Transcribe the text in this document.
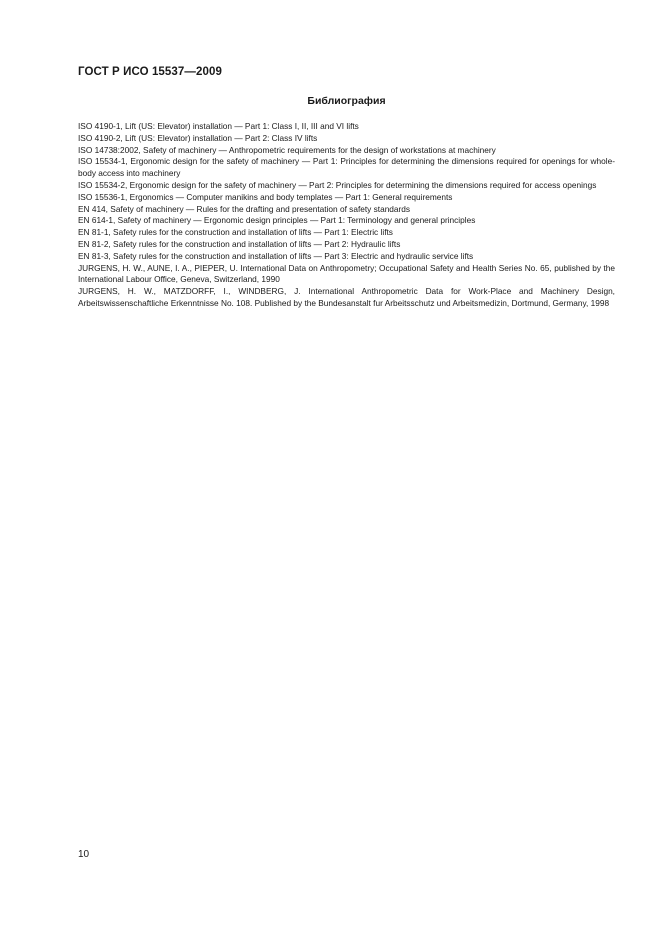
ГОСТ Р ИСО 15537—2009
Библиография
ISO 4190-1, Lift (US: Elevator) installation — Part 1: Class I, II, III and VI lifts
ISO 4190-2, Lift (US: Elevator) installation — Part 2: Class IV lifts
ISO 14738:2002, Safety of machinery — Anthropometric requirements for the design of workstations at machinery
ISO 15534-1, Ergonomic design for the safety of machinery — Part 1: Principles for determining the dimensions required for openings for whole-body access into machinery
ISO 15534-2, Ergonomic design for the safety of machinery — Part 2: Principles for determining the dimensions required for access openings
ISO 15536-1, Ergonomics — Computer manikins and body templates — Part 1: General requirements
EN 414, Safety of machinery — Rules for the drafting and presentation of safety standards
EN 614-1, Safety of machinery — Ergonomic design principles — Part 1: Terminology and general principles
EN 81-1, Safety rules for the construction and installation of lifts — Part 1: Electric lifts
EN 81-2, Safety rules for the construction and installation of lifts — Part 2: Hydraulic lifts
EN 81-3, Safety rules for the construction and installation of lifts — Part 3: Electric and hydraulic service lifts
JURGENS, H. W., AUNE, I. A., PIEPER, U. International Data on Anthropometry; Occupational Safety and Health Series No. 65, published by the International Labour Office, Geneva, Switzerland, 1990
JURGENS, H. W., MATZDORFF, I., WINDBERG, J. International Anthropometric Data for Work-Place and Machinery Design, Arbeitswissenschaftliche Erkenntnisse No. 108. Published by the Bundesanstalt fur Arbeitsschutz und Arbeitsmedizin, Dortmund, Germany, 1998
10
